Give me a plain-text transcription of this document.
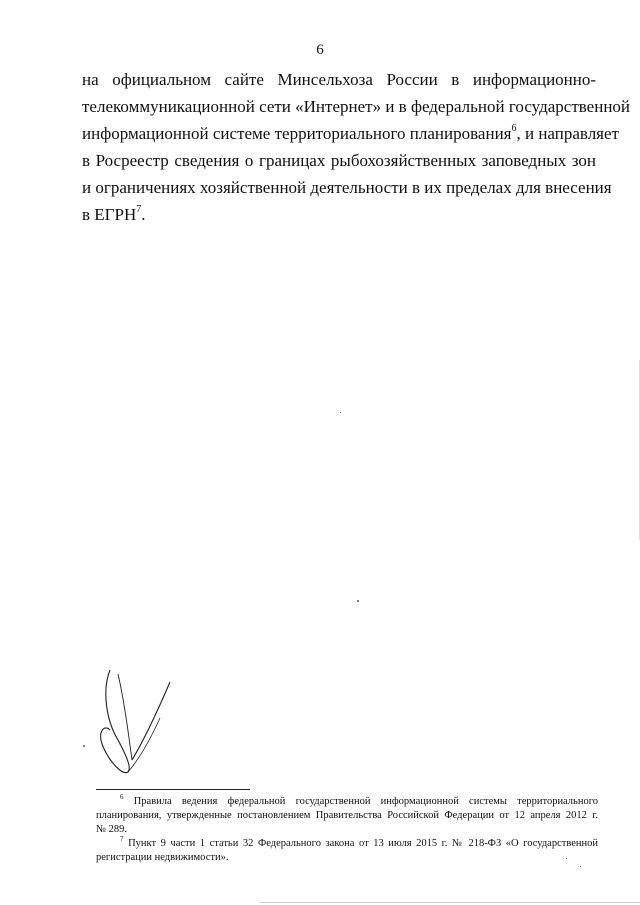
6
на официальном сайте Минсельхоза России в информационно-
телекоммуникационной сети «Интернет» и в федеральной государственной
информационной системе территориального планирования$^6$, и направляет
в Росреестр сведения о границах рыбохозяйственных заповедных зон
и ограничениях хозяйственной деятельности в их пределах для внесения
в ЕГРН$^7$.
$^6$ Правила ведения федеральной государственной информационной системы территориального
планирования, утвержденные постановлением Правительства Российской Федерации от 12 апреля 2012 г.
№ 289.
$^7$ Пункт 9 части 1 статьи 32 Федерального закона от 13 июля 2015 г. № 218-ФЗ «О государственной
регистрации недвижимости».
